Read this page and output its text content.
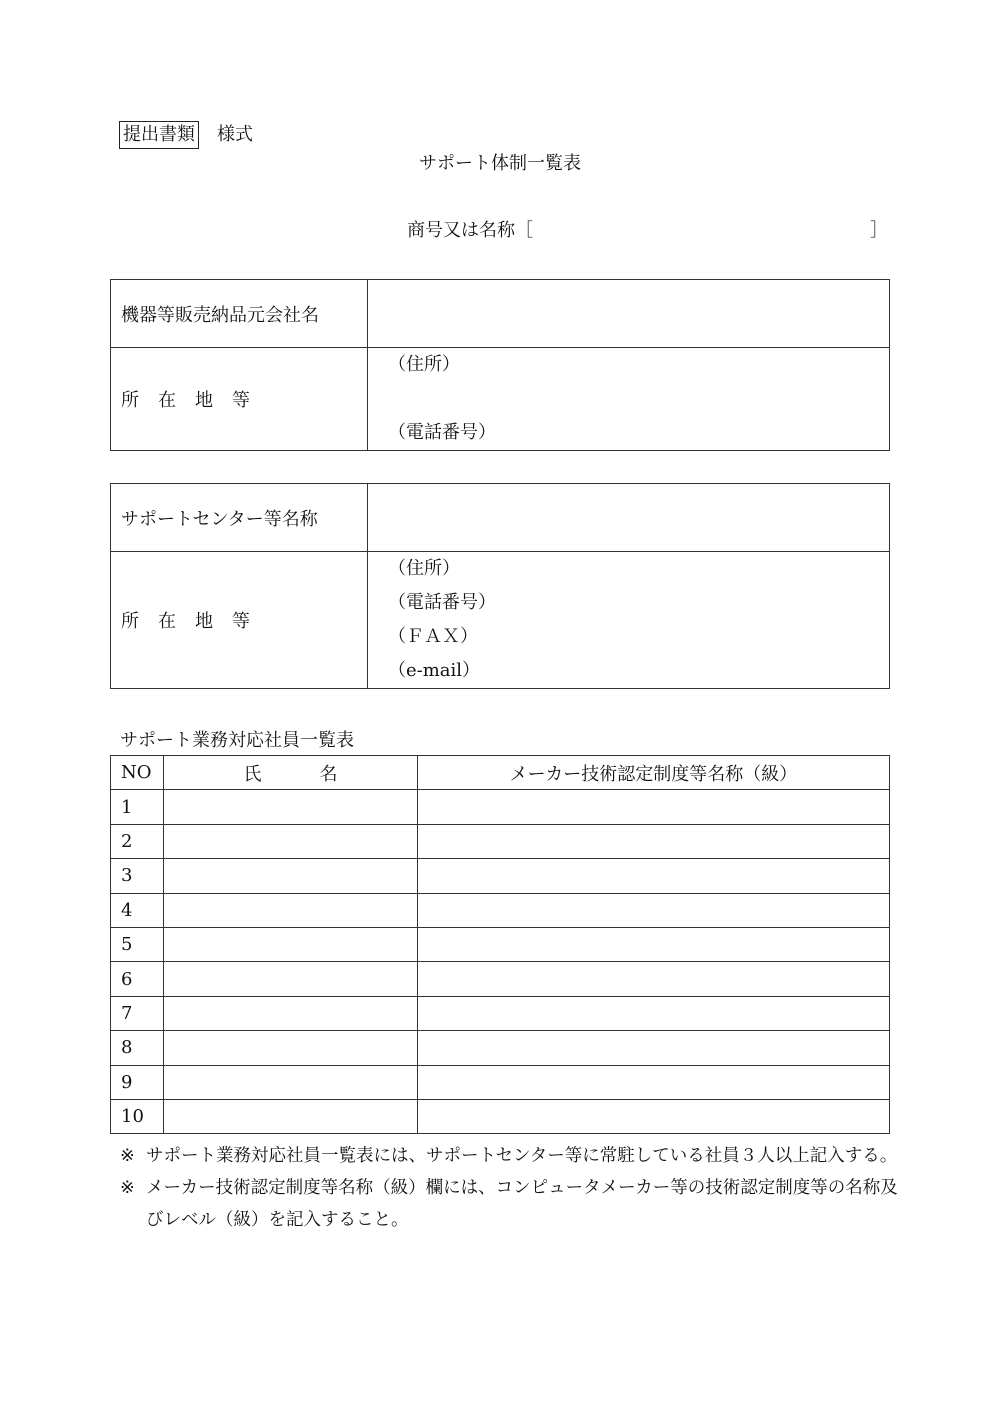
提出書類 様式
サポート体制一覧表
商号又は名称［	］
機器等販売納品元会社名	
所 在 地 等	（住所）
（電話番号）
サポートセンター等名称	
所 在 地 等	（住所）
（電話番号）
（ＦＡＸ）
（e-mail）
サポート業務対応社員一覧表
NO	氏 名	メーカー技術認定制度等名称（級）
1		
2		
3		
4		
5		
6		
7		
8		
9		
10		
※ サポート業務対応社員一覧表には、サポートセンター等に常駐している社員３人以上記入する。
※ メーカー技術認定制度等名称（級）欄には、コンピュータメーカー等の技術認定制度等の名称及びレベル（級）を記入すること。
